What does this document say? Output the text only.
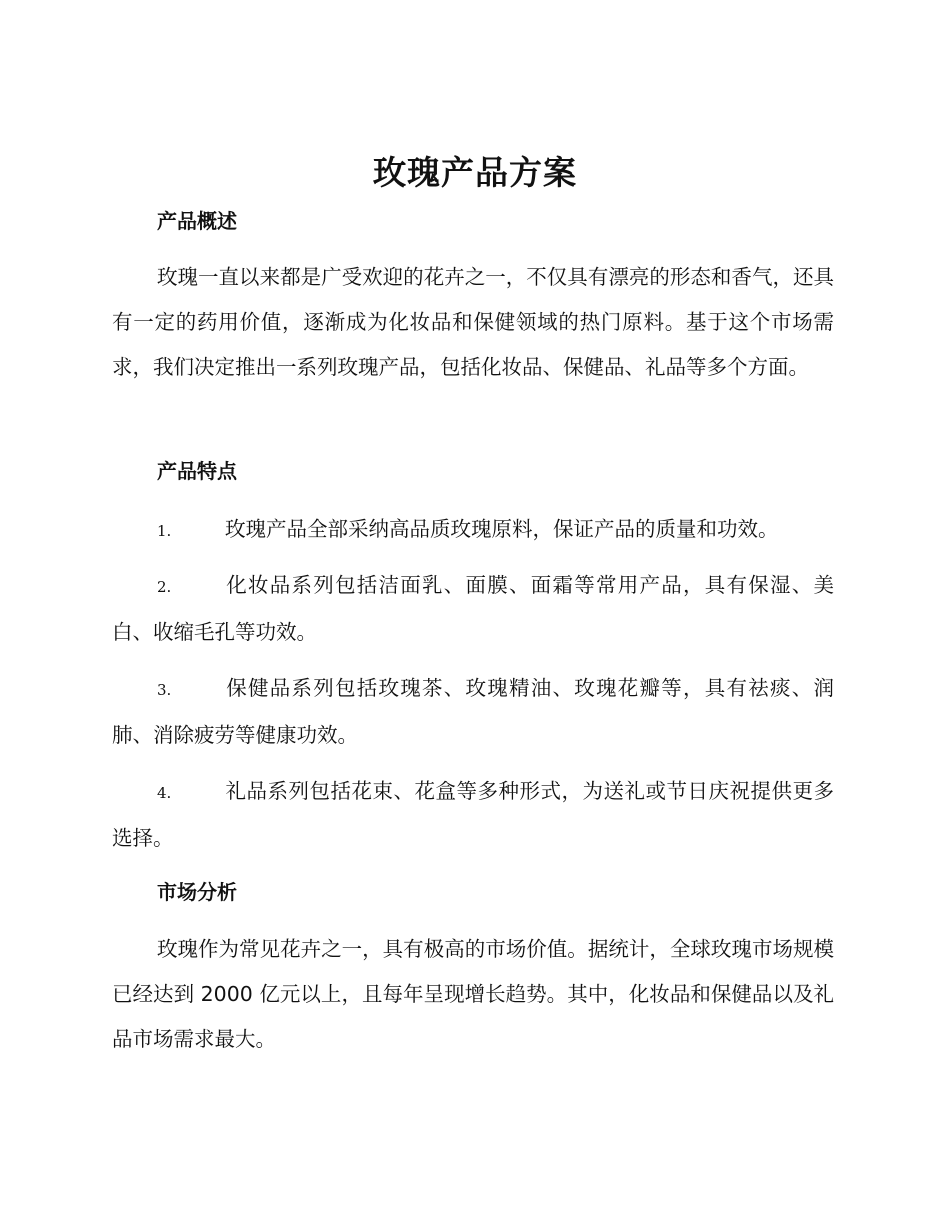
玫瑰产品方案
产品概述

玫瑰一直以来都是广受欢迎的花卉之一，不仅具有漂亮的形态和香气，还具有一定的药用价值，逐渐成为化妆品和保健领域的热门原料。基于这个市场需求，我们决定推出一系列玫瑰产品，包括化妆品、保健品、礼品等多个方面。

产品特点

1.	玫瑰产品全部采纳高品质玫瑰原料，保证产品的质量和功效。

2.	化妆品系列包括洁面乳、面膜、面霜等常用产品，具有保湿、美白、收缩毛孔等功效。

3.	保健品系列包括玫瑰茶、玫瑰精油、玫瑰花瓣等，具有祛痰、润肺、消除疲劳等健康功效。

4.	礼品系列包括花束、花盒等多种形式，为送礼或节日庆祝提供更多选择。

市场分析

玫瑰作为常见花卉之一，具有极高的市场价值。据统计，全球玫瑰市场规模已经达到 2000 亿元以上，且每年呈现增长趋势。其中，化妆品和保健品以及礼品市场需求最大。
